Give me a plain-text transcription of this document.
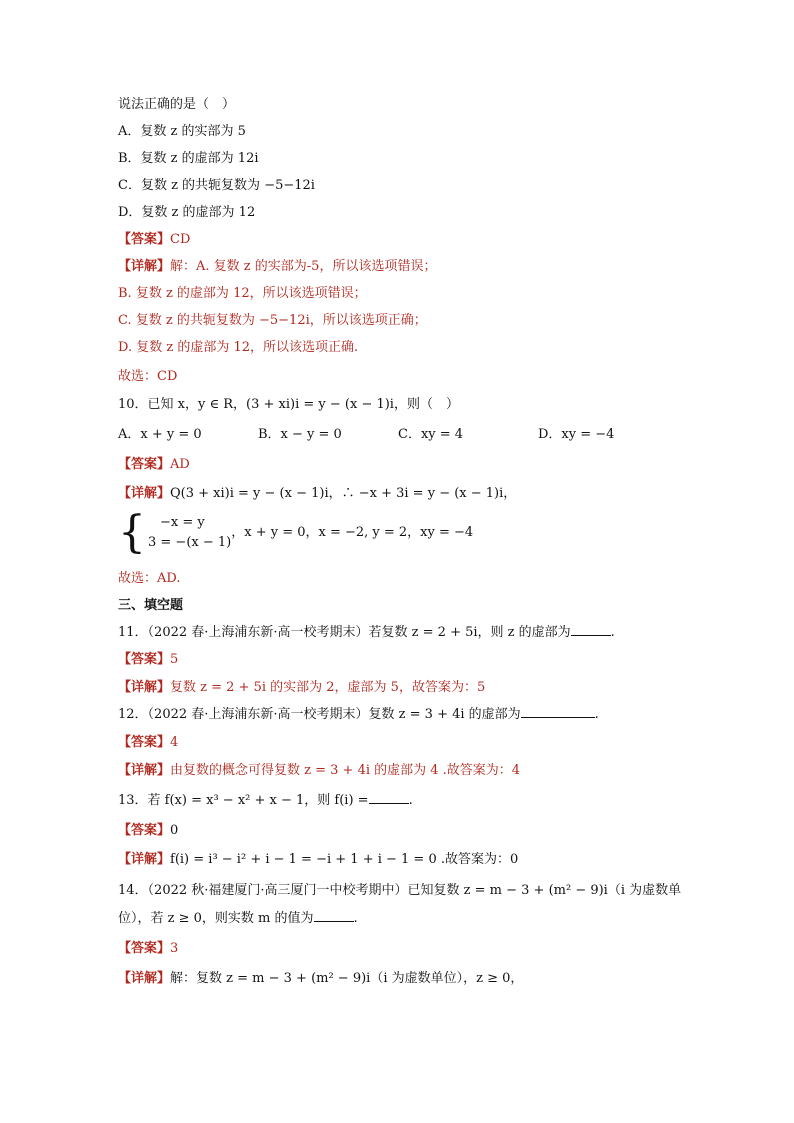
说法正确的是（　）
A．复数 z 的实部为 5
B．复数 z 的虚部为 12i
C．复数 z 的共轭复数为 −5−12i
D．复数 z 的虚部为 12
【答案】CD
【详解】解：A. 复数 z 的实部为-5，所以该选项错误；
B. 复数 z 的虚部为 12，所以该选项错误；
C. 复数 z 的共轭复数为 −5−12i，所以该选项正确；
D. 复数 z 的虚部为 12，所以该选项正确.
故选：CD
10．已知 x，y ∈ R，(3 + xi)i = y − (x − 1)i，则（　）
A．x + y = 0	B．x − y = 0	C．xy = 4	D．xy = −4
【答案】AD
【详解】Q(3 + xi)i = y − (x − 1)i，∴ −x + 3i = y − (x − 1)i，
{	−x = y
3 = −(x − 1)
，x + y = 0，x = −2, y = 2，xy = −4
故选：AD.
三、填空题
11．（2022 春·上海浦东新·高一校考期末）若复数 z = 2 + 5i，则 z 的虚部为	.
【答案】5
【详解】复数 z = 2 + 5i 的实部为 2，虚部为 5，故答案为：5
12．（2022 春·上海浦东新·高一校考期末）复数 z = 3 + 4i 的虚部为	.
【答案】4
【详解】由复数的概念可得复数 z = 3 + 4i 的虚部为 4 .故答案为：4
13．若 f(x) = x³ − x² + x − 1，则 f(i) =	.
【答案】0
【详解】f(i) = i³ − i² + i − 1 = −i + 1 + i − 1 = 0 .故答案为：0
14．（2022 秋·福建厦门·高三厦门一中校考期中）已知复数 z = m − 3 + (m² − 9)i（i 为虚数单
位），若 z ≥ 0，则实数 m 的值为	.
【答案】3
【详解】解：复数 z = m − 3 + (m² − 9)i（i 为虚数单位），z ≥ 0，
